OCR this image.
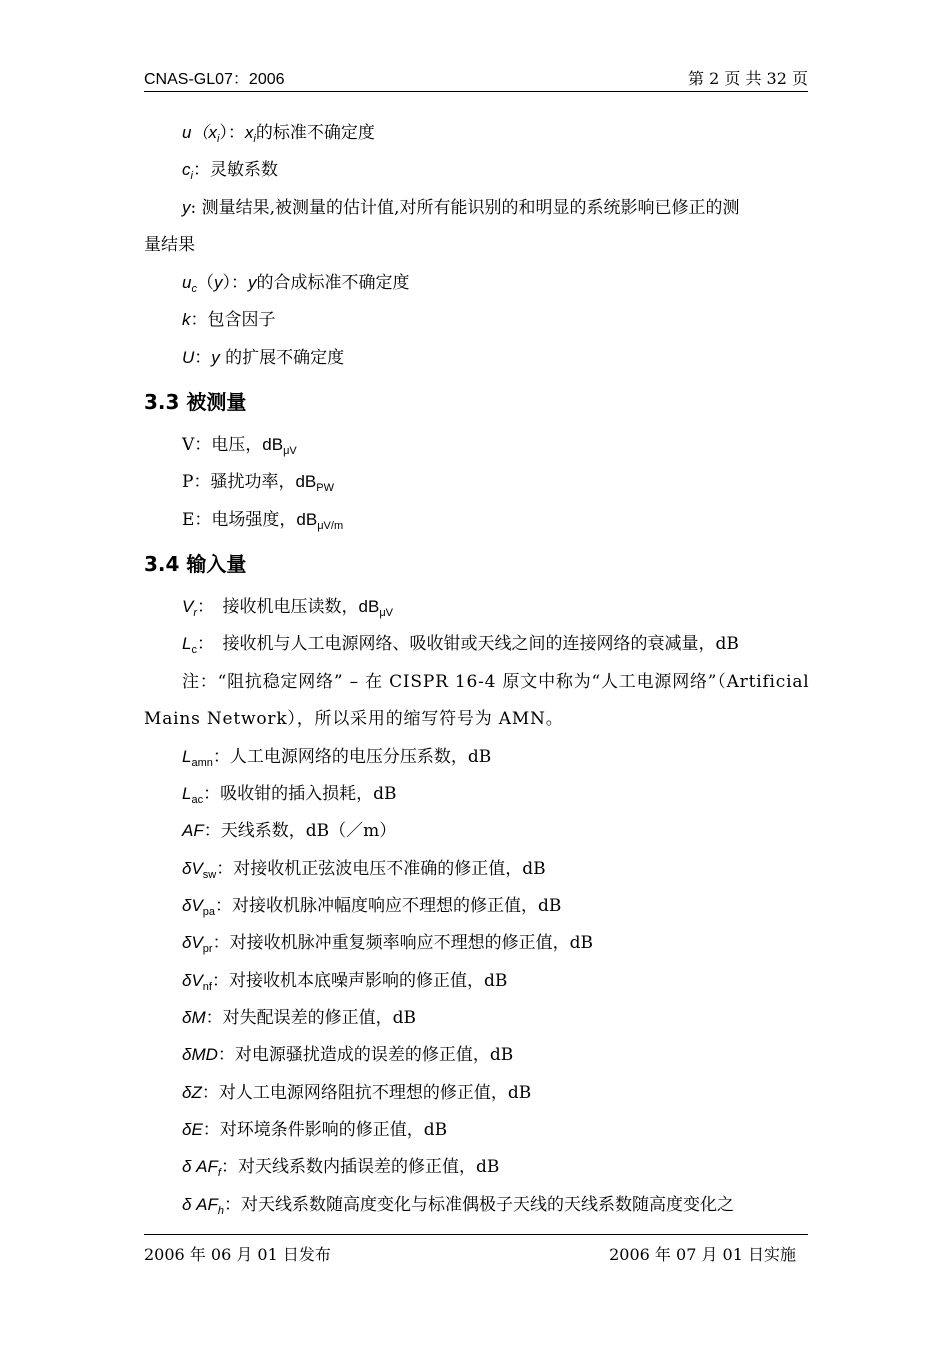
CNAS-GL07：2006	第 2 页 共 32 页
$u(x_i)$：$x_i$的标准不确定度
$c_i$：灵敏系数
y: 测量结果,被测量的估计值,对所有能识别的和明显的系统影响已修正的测
量结果
$u_c(y)$：y的合成标准不确定度
k：包含因子
U：y 的扩展不确定度
3.3 被测量
V：电压，$dB_{\mu V}$
P：骚扰功率，$dB_{PW}$
E：电场强度，$dB_{\mu V/m}$
3.4 输入量
$V_r$：　接收机电压读数，$dB_{\mu V}$
$L_c$：　接收机与人工电源网络、吸收钳或天线之间的连接网络的衰减量，dB
注：“阻抗稳定网络” – 在 CISPR 16-4 原文中称为“人工电源网络”（Artificial
Mains Network），所以采用的缩写符号为 AMN。
$L_{amn}$：人工电源网络的电压分压系数，dB
$L_{ac}$：吸收钳的插入损耗，dB
AF：天线系数，dB（／m）
$\delta V_{sw}$：对接收机正弦波电压不准确的修正值，dB
$\delta V_{pa}$：对接收机脉冲幅度响应不理想的修正值，dB
$\delta V_{pr}$：对接收机脉冲重复频率响应不理想的修正值，dB
$\delta V_{nf}$：对接收机本底噪声影响的修正值，dB
δM：对失配误差的修正值，dB
δMD：对电源骚扰造成的误差的修正值，dB
δZ：对人工电源网络阻抗不理想的修正值，dB
δE：对环境条件影响的修正值，dB
δ $AF_f$：对天线系数内插误差的修正值，dB
δ $AF_h$：对天线系数随高度变化与标准偶极子天线的天线系数随高度变化之
2006 年 06 月 01 日发布	2006 年 07 月 01 日实施
